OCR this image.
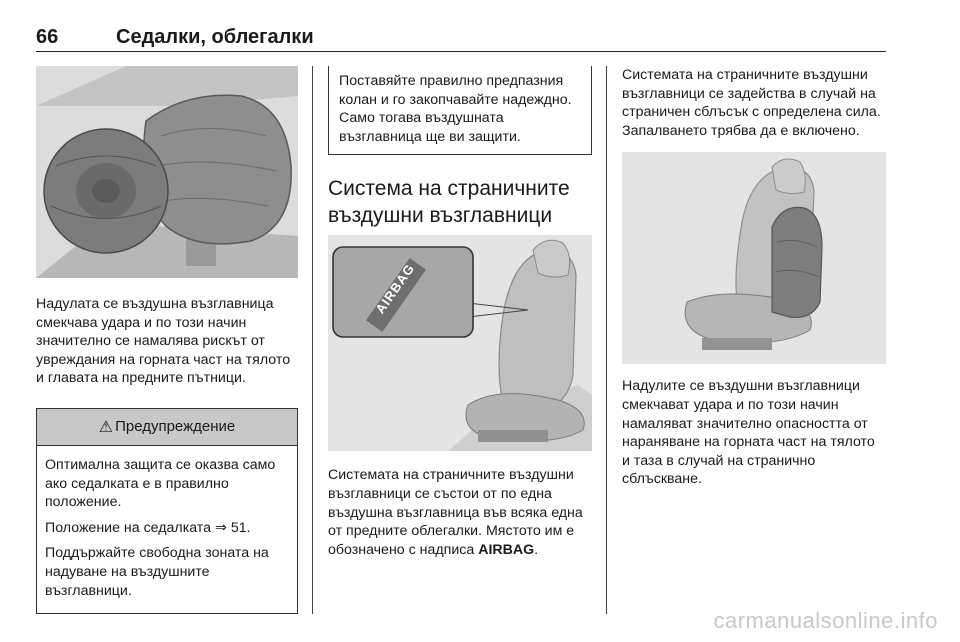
66	Седалки, облегалки

Надулата се въздушна възглавница смекчава удара и по този начин значително се намалява рискът от увреждания на горната част на тялото и главата на предните пътници.

⚠ Предупреждение

Оптимална защита се оказва само ако седалката е в правилно положение.

Положение на седалката ⇒ 51.

Поддържайте свободна зоната на надуване на въздушните възглавници.

Поставяйте правилно предпазния колан и го закопчавайте надеждно. Само тогава въздушната възглавница ще ви защити.

Система на страничните въздушни възглавници
AIRBAG

Системата на страничните въздушни възглавници се състои от по една въздушна възглавница във всяка една от предните облегалки. Мястото им е обозначено с надписа AIRBAG.

Системата на страничните въздушни възглавници се задейства в случай на страничен сблъсък с определена сила. Запалването трябва да е включено.

Надулите се въздушни възглавници смекчават удара и по този начин намаляват значително опасността от нараняване на горната част на тялото и таза в случай на странично сблъскване.

carmanualsonline.info
